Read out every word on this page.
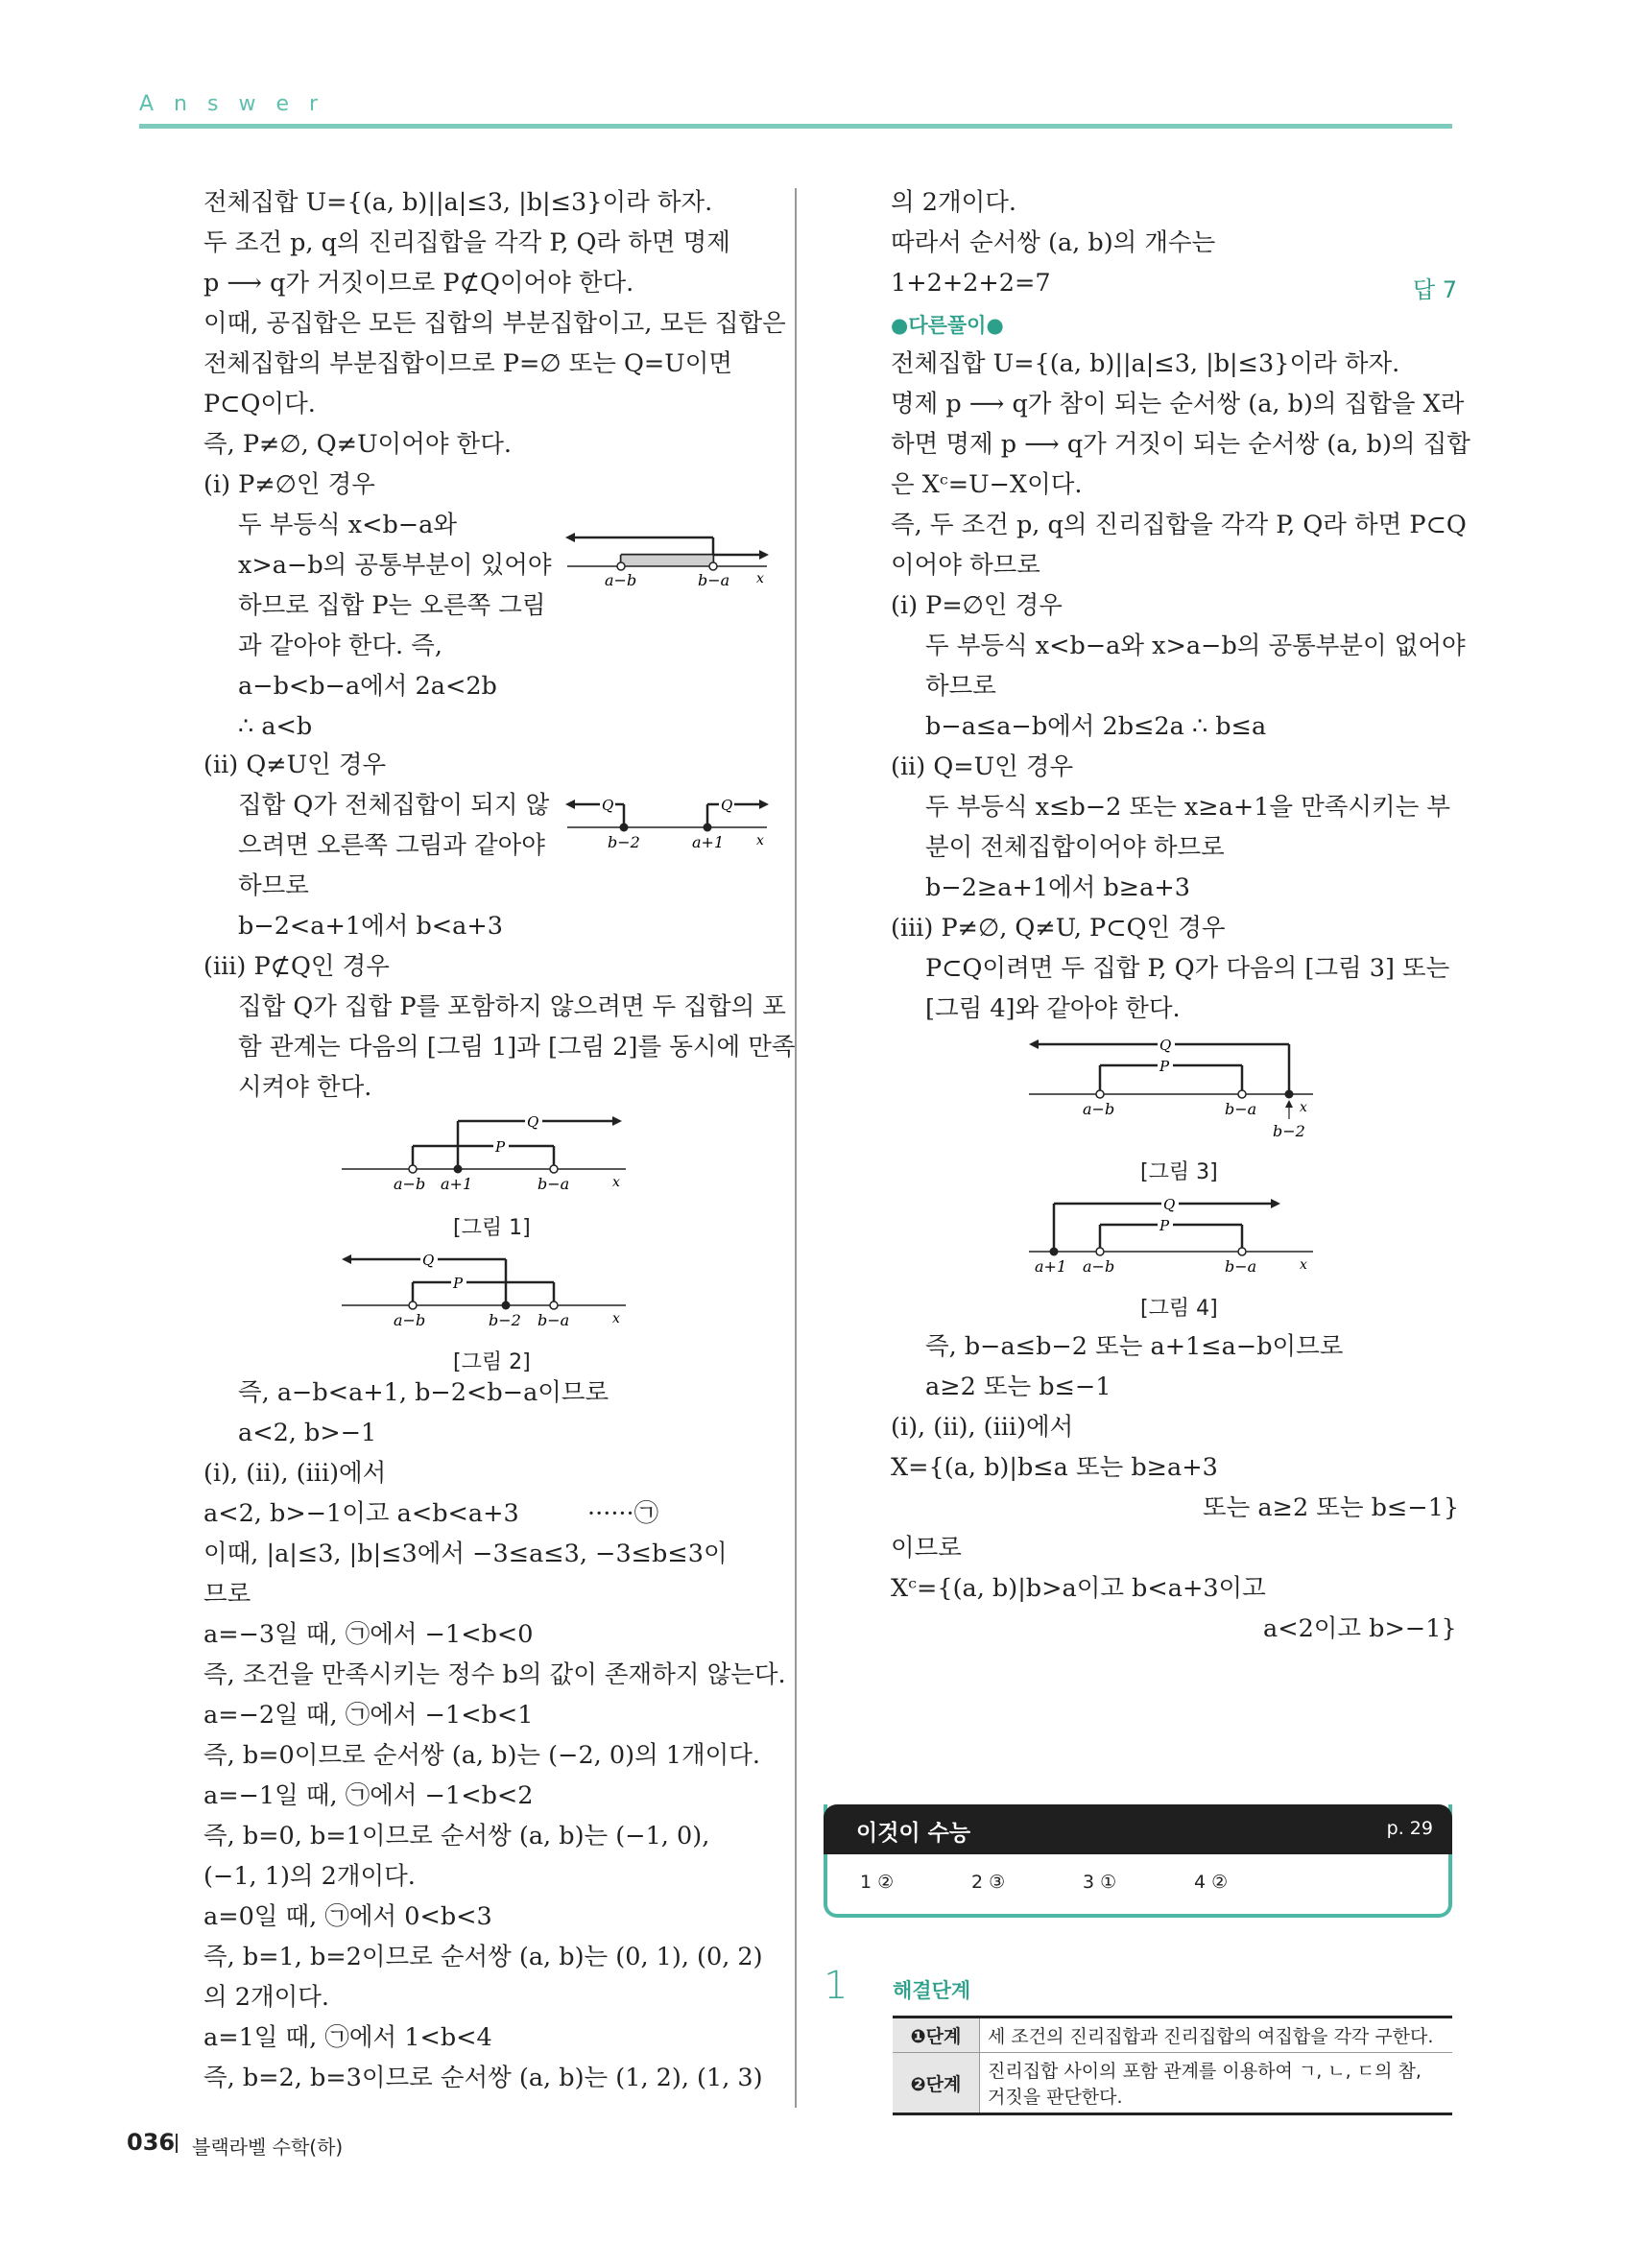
Answer
전체집합 U={(a, b)||a|≤3, |b|≤3}이라 하자.
두 조건 p, q의 진리집합을 각각 P, Q라 하면 명제
p ⟶ q가 거짓이므로 P⊄Q이어야 한다.
이때, 공집합은 모든 집합의 부분집합이고, 모든 집합은
전체집합의 부분집합이므로 P=∅ 또는 Q=U이면
P⊂Q이다.
즉, P≠∅, Q≠U이어야 한다.
(i) P≠∅인 경우
두 부등식 x<b−a와
x>a−b의 공통부분이 있어야
하므로 집합 P는 오른쪽 그림
과 같아야 한다. 즉,
a−b<b−a에서 2a<2b
∴ a<b
(ii) Q≠U인 경우
집합 Q가 전체집합이 되지 않
으려면 오른쪽 그림과 같아야
하므로
b−2<a+1에서 b<a+3
(iii) P⊄Q인 경우
집합 Q가 집합 P를 포함하지 않으려면 두 집합의 포
함 관계는 다음의 [그림 1]과 [그림 2]를 동시에 만족
시켜야 한다.
즉, a−b<a+1, b−2<b−a이므로
a<2, b>−1
(i), (ii), (iii)에서
a<2, b>−1이고 a<b<a+3	······㉠
이때, |a|≤3, |b|≤3에서 −3≤a≤3, −3≤b≤3이
므로
a=−3일 때, ㉠에서 −1<b<0
즉, 조건을 만족시키는 정수 b의 값이 존재하지 않는다.
a=−2일 때, ㉠에서 −1<b<1
즉, b=0이므로 순서쌍 (a, b)는 (−2, 0)의 1개이다.
a=−1일 때, ㉠에서 −1<b<2
즉, b=0, b=1이므로 순서쌍 (a, b)는 (−1, 0),
(−1, 1)의 2개이다.
a=0일 때, ㉠에서 0<b<3
즉, b=1, b=2이므로 순서쌍 (a, b)는 (0, 1), (0, 2)
의 2개이다.
a=1일 때, ㉠에서 1<b<4
즉, b=2, b=3이므로 순서쌍 (a, b)는 (1, 2), (1, 3)
a−b	b−a x
Q	Q
b−2	a+1 x
Q
P
a−b a+1	b−a	x
[그림 1]
Q
P
a−b	b−2 b−a	x
[그림 2]
의 2개이다.
따라서 순서쌍 (a, b)의 개수는
1+2+2+2=7	답 7
●다른풀이●
전체집합 U={(a, b)||a|≤3, |b|≤3}이라 하자.
명제 p ⟶ q가 참이 되는 순서쌍 (a, b)의 집합을 X라
하면 명제 p ⟶ q가 거짓이 되는 순서쌍 (a, b)의 집합
은 Xᶜ=U−X이다.
즉, 두 조건 p, q의 진리집합을 각각 P, Q라 하면 P⊂Q
이어야 하므로
(i) P=∅인 경우
두 부등식 x<b−a와 x>a−b의 공통부분이 없어야
하므로
b−a≤a−b에서 2b≤2a ∴ b≤a
(ii) Q=U인 경우
두 부등식 x≤b−2 또는 x≥a+1을 만족시키는 부
분이 전체집합이어야 하므로
b−2≥a+1에서 b≥a+3
(iii) P≠∅, Q≠U, P⊂Q인 경우
P⊂Q이려면 두 집합 P, Q가 다음의 [그림 3] 또는
[그림 4]와 같아야 한다.
즉, b−a≤b−2 또는 a+1≤a−b이므로
a≥2 또는 b≤−1
(i), (ii), (iii)에서
X={(a, b)|b≤a 또는 b≥a+3
또는 a≥2 또는 b≤−1}
이므로
Xᶜ={(a, b)|b>a이고 b<a+3이고
a<2이고 b>−1}
Q
P
a−b	b−a	x
b−2
[그림 3]
Q
P
a+1 a−b	b−a	x
[그림 4]
이것이 수능	p. 29
1 ②	2 ③	3 ①	4 ②
1 해결단계
❶단계	세 조건의 진리집합과 진리집합의 여집합을 각각 구한다.
❷단계	진리집합 사이의 포함 관계를 이용하여 ㄱ, ㄴ, ㄷ의 참, 거짓을 판단한다.
036 블랙라벨 수학(하)
